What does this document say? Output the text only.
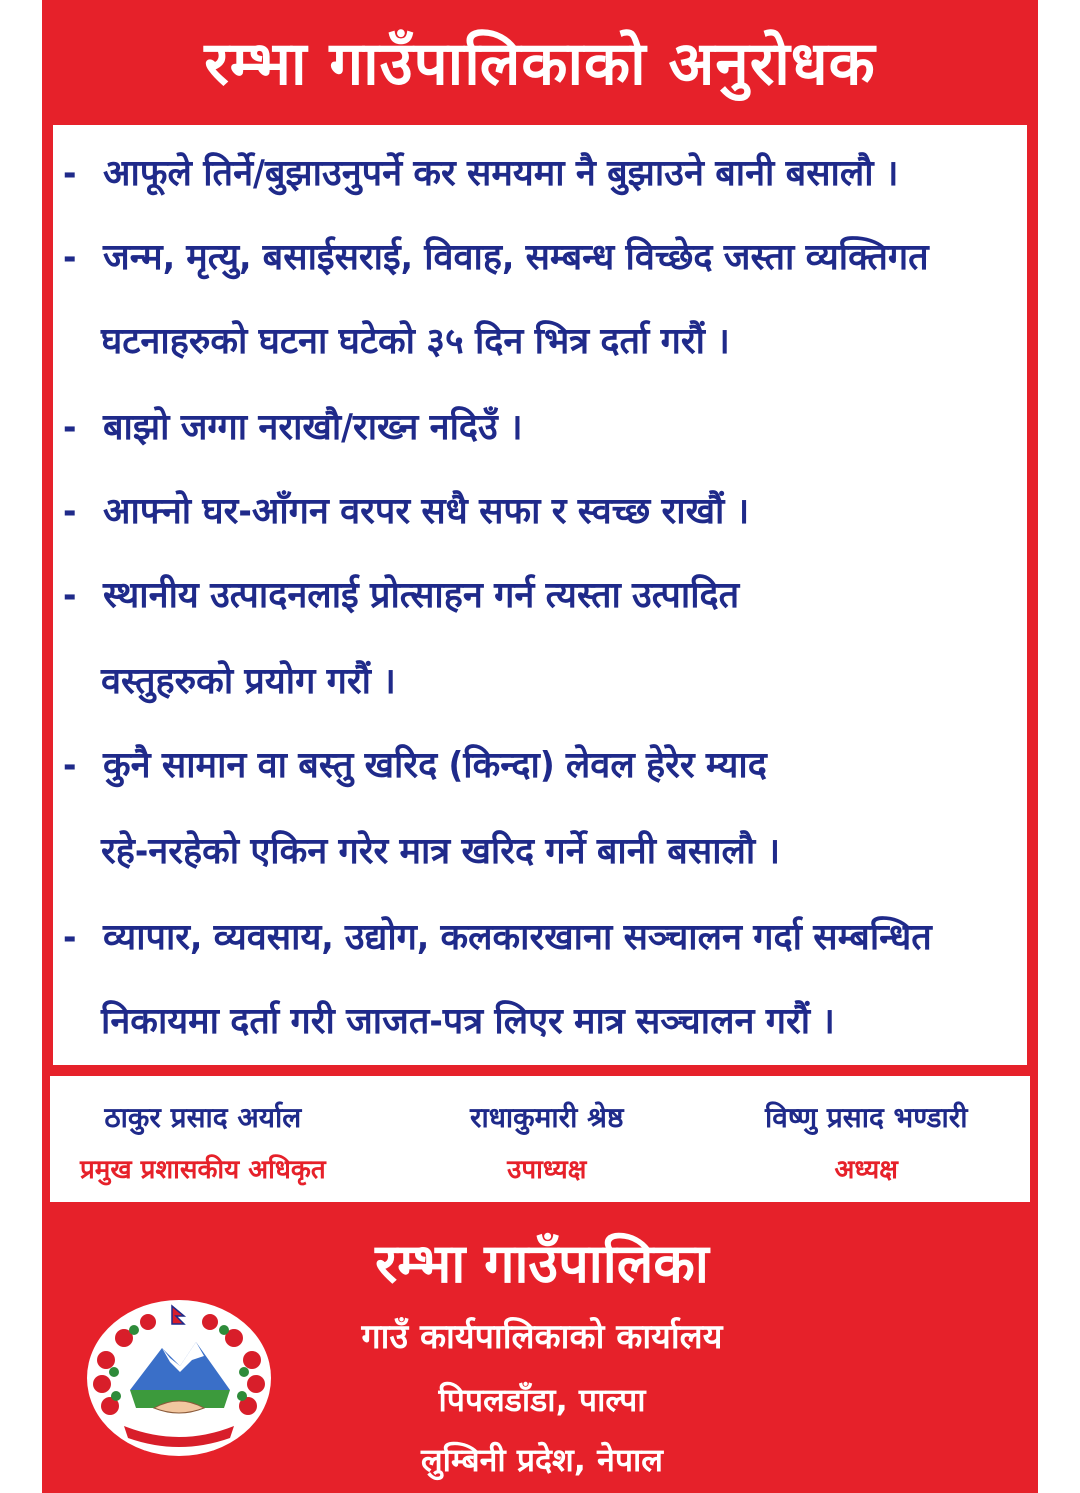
रम्भा गाउँपालिकाको अनुरोधक
- आफूले तिर्ने/बुझाउनुपर्ने कर समयमा नै बुझाउने बानी बसालौ ।
- जन्म, मृत्यु, बसाईसराई, विवाह, सम्बन्ध विच्छेद जस्ता व्यक्तिगत
घटनाहरुको घटना घटेको ३५ दिन भित्र दर्ता गरौं ।
- बाझो जग्गा नराखौ/राख्न नदिउँ ।
- आफ्नो घर-आँगन वरपर सधै सफा र स्वच्छ राखौं ।
- स्थानीय उत्पादनलाई प्रोत्साहन गर्न त्यस्ता उत्पादित
वस्तुहरुको प्रयोग गरौं ।
- कुनै सामान वा बस्तु खरिद (किन्दा) लेवल हेरेर म्याद
रहे-नरहेको एकिन गरेर मात्र खरिद गर्ने बानी बसालौ ।
- व्यापार, व्यवसाय, उद्योग, कलकारखाना सञ्चालन गर्दा सम्बन्धित
निकायमा दर्ता गरी जाजत-पत्र लिएर मात्र सञ्चालन गरौं ।
ठाकुर प्रसाद अर्याल
प्रमुख प्रशासकीय अधिकृत
राधाकुमारी श्रेष्ठ
उपाध्यक्ष
विष्णु प्रसाद भण्डारी
अध्यक्ष
रम्भा गाउँपालिका
गाउँ कार्यपालिकाको कार्यालय
पिपलडाँडा, पाल्पा
लुम्बिनी प्रदेश, नेपाल
